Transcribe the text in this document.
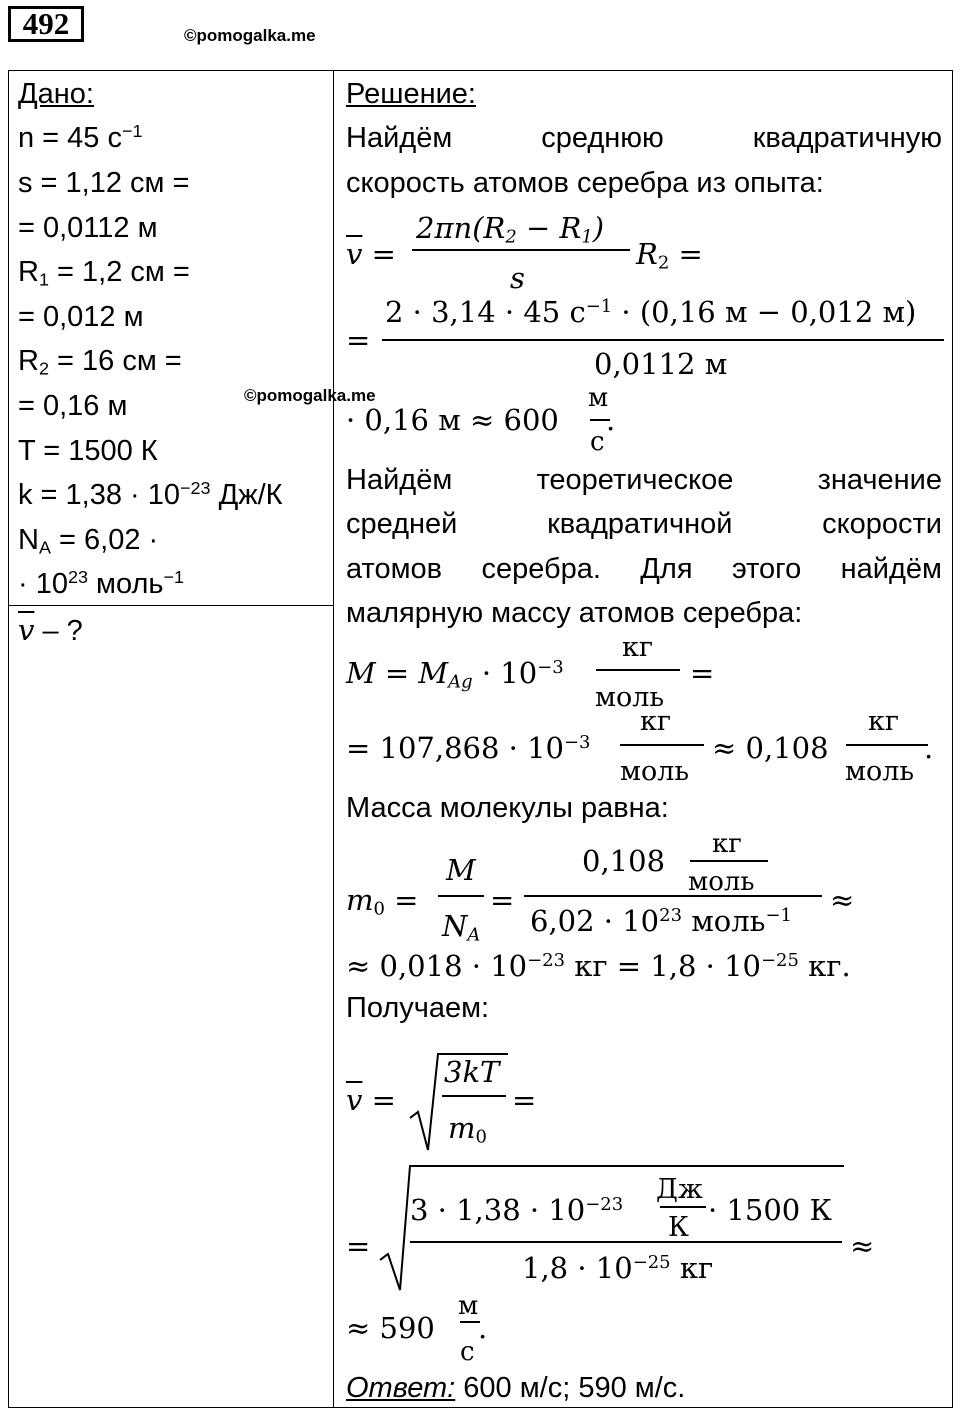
492	©pomogalka.me
©pomogalka.me
Дано:
n = 45 $с^{-1}$
s = 1,12 см =
= 0,0112 м
$R_1 = 1,2$ см =
= 0,012 м
$R_2 = 16$ см =
= 0,16 м
T = 1500 К
$k = 1,38 \cdot 10^{-23}$ Дж/К
$N_A = 6,02$ ·
· $10^{23}$ моль$^{-1}$
$\overline{v}$ – ?
Решение:
Найдём	среднюю	квадратичную
скорость атомов серебра из опыта:
$\overline{v}$ =
$2\pi n(R_2 - R_1)$
s
$R_2$ =
=
2 · 3,14 · 45 $с^{-1} \cdot (0,16$ м − 0,012 м)
0,0112 м
· 0,16 м ≈ 600
м
с
.
Найдём	теоретическое	значение
средней	квадратичной	скорости
атомов серебра. Для этого найдём
малярную массу атомов серебра:
$M = M_{Ag} \cdot 10^{-3}$
кг
моль
=
= $107,868 \cdot 10^{-3}$
кг
моль
≈ 0,108
кг
моль
.
Масса молекулы равна:
$m_0$ =
M
$N_A$
=
0,108 кг
моль
$6,02 \cdot 10^{23}$ моль$^{-1}$ ≈
≈ $0,018 \cdot 10^{-23}$ кг = $1,8 \cdot 10^{-25}$ кг.
Получаем:
$\overline{v}$ =
3kT
$m_0$
=
=
$3 \cdot 1,38 \cdot 10^{-23}$ Дж
К
· 1500 К
$1,8 \cdot 10^{-25}$ кг
≈
≈ 590
м
с
.
Ответ: 600 м/с; 590 м/с.
